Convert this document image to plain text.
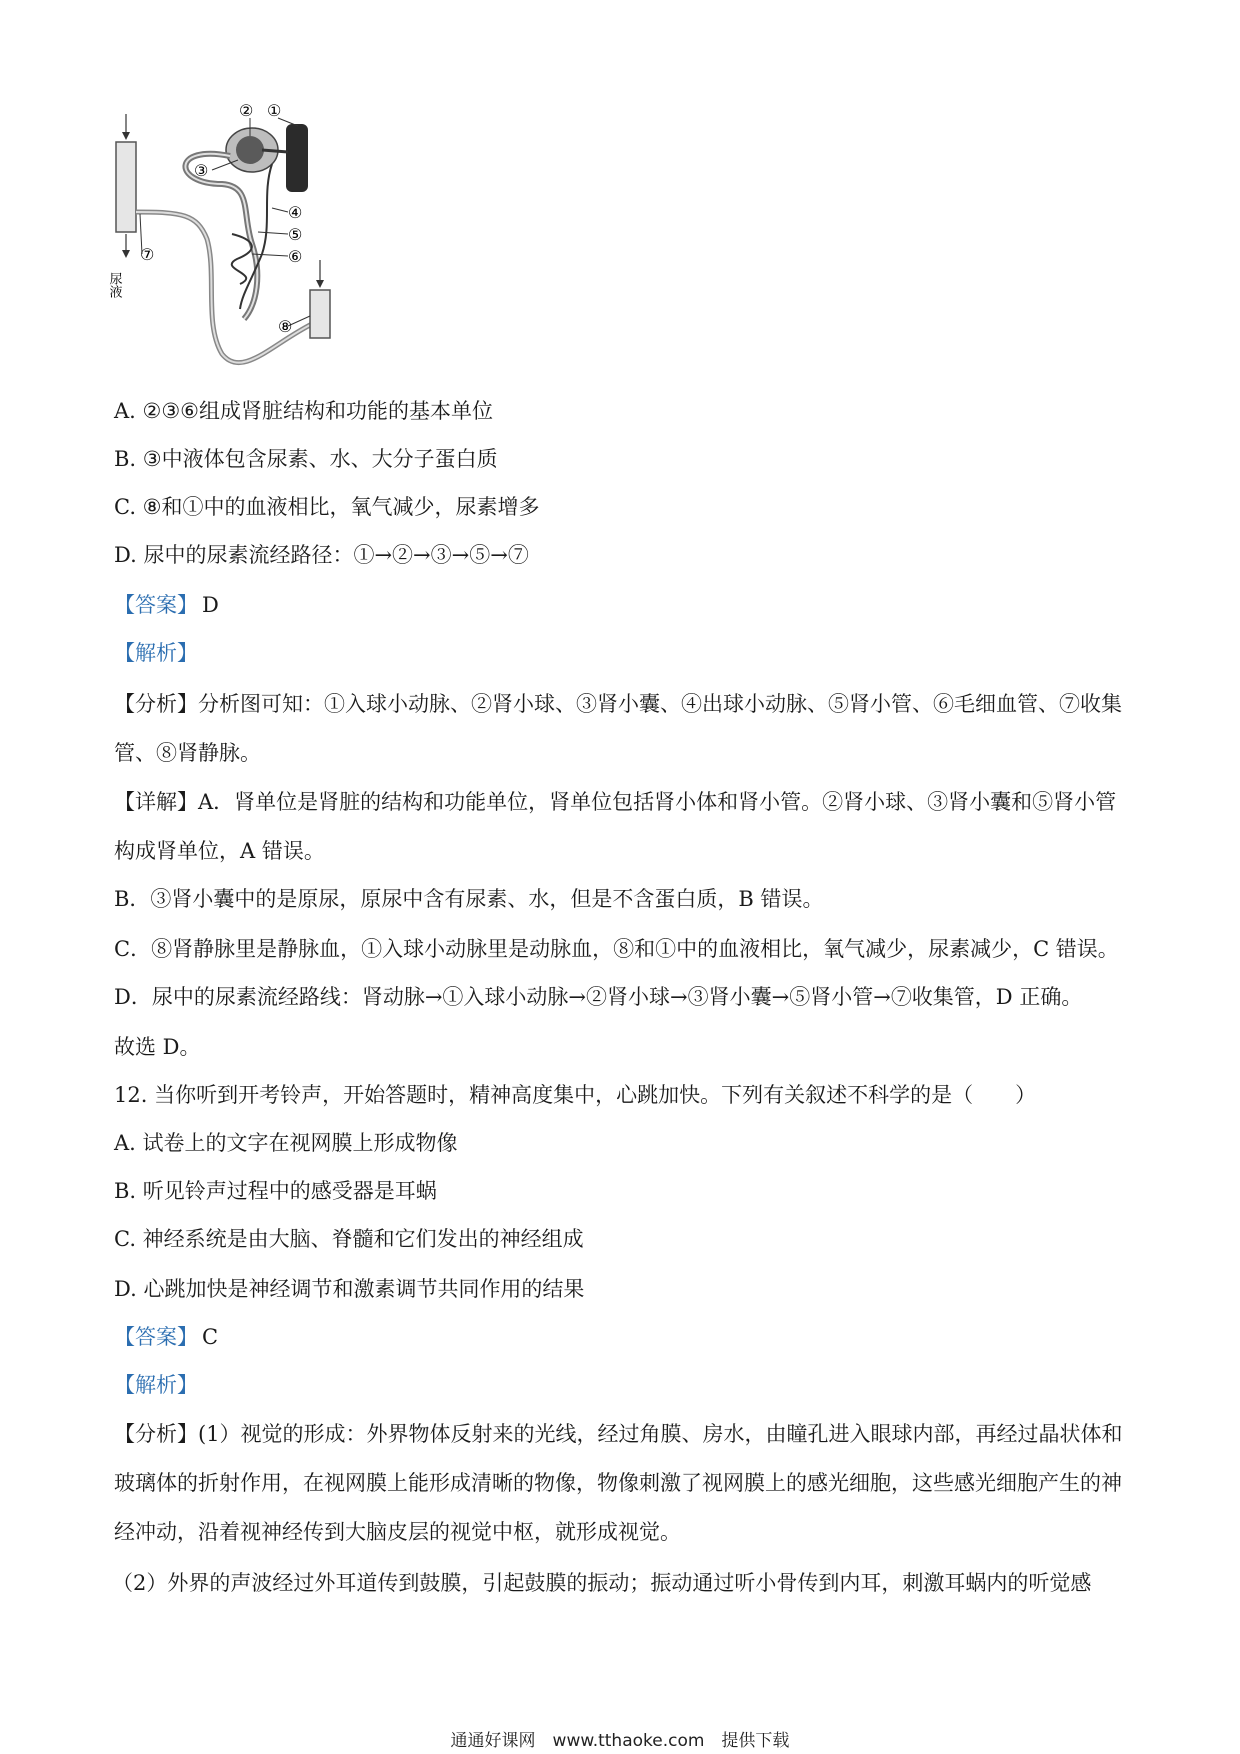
② ①
③
④
⑤
⑥
⑦
⑧
尿液
A. ②③⑥组成肾脏结构和功能的基本单位
B. ③中液体包含尿素、水、大分子蛋白质
C. ⑧和①中的血液相比，氧气减少，尿素增多
D. 尿中的尿素流经路径：①→②→③→⑤→⑦
【答案】 D
【解析】
【分析】分析图可知：①入球小动脉、②肾小球、③肾小囊、④出球小动脉、⑤肾小管、⑥毛细血管、⑦收集管、⑧肾静脉。
【详解】A．肾单位是肾脏的结构和功能单位，肾单位包括肾小体和肾小管。②肾小球、③肾小囊和⑤肾小管构成肾单位，A 错误。
B．③肾小囊中的是原尿，原尿中含有尿素、水，但是不含蛋白质，B 错误。
C．⑧肾静脉里是静脉血，①入球小动脉里是动脉血，⑧和①中的血液相比，氧气减少，尿素减少，C 错误。
D．尿中的尿素流经路线：肾动脉→①入球小动脉→②肾小球→③肾小囊→⑤肾小管→⑦收集管，D 正确。
故选 D。
12. 当你听到开考铃声，开始答题时，精神高度集中，心跳加快。下列有关叙述不科学的是（　　）
A. 试卷上的文字在视网膜上形成物像
B. 听见铃声过程中的感受器是耳蜗
C. 神经系统是由大脑、脊髓和它们发出的神经组成
D. 心跳加快是神经调节和激素调节共同作用的结果
【答案】 C
【解析】
【分析】(1）视觉的形成：外界物体反射来的光线，经过角膜、房水，由瞳孔进入眼球内部，再经过晶状体和玻璃体的折射作用，在视网膜上能形成清晰的物像，物像刺激了视网膜上的感光细胞，这些感光细胞产生的神经冲动，沿着视神经传到大脑皮层的视觉中枢，就形成视觉。
（2）外界的声波经过外耳道传到鼓膜，引起鼓膜的振动；振动通过听小骨传到内耳，刺激耳蜗内的听觉感
通通好课网　www.tthaoke.com　提供下载
